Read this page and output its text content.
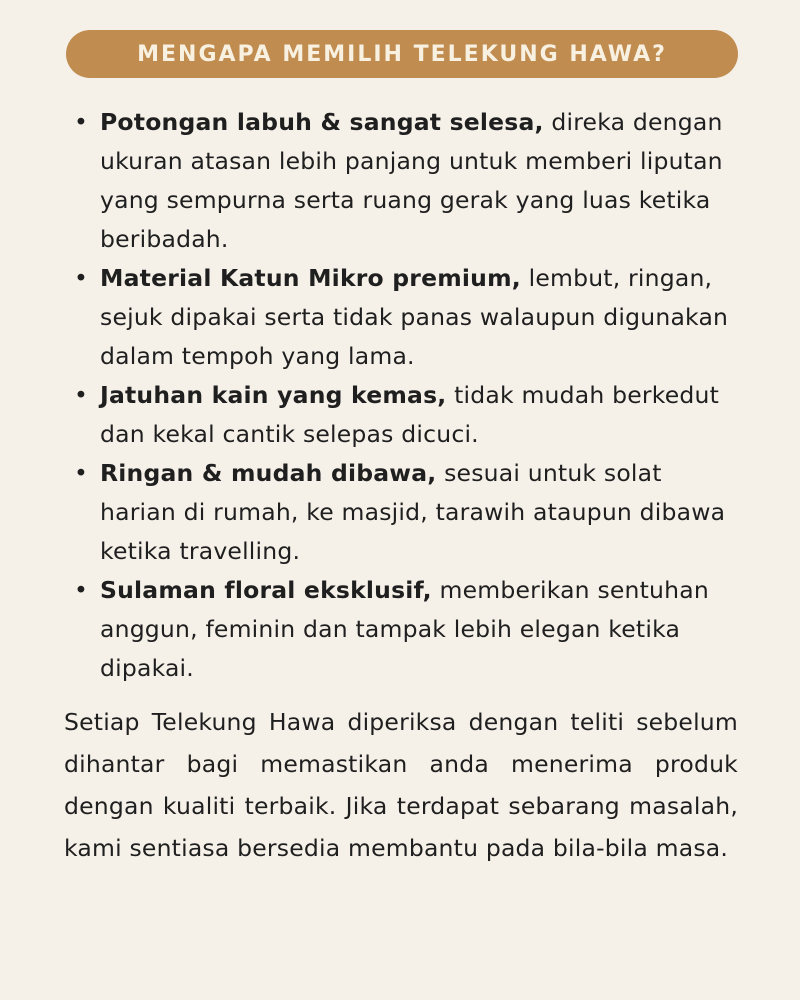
MENGAPA MEMILIH TELEKUNG HAWA?
• Potongan labuh & sangat selesa, direka dengan ukuran atasan lebih panjang untuk memberi liputan yang sempurna serta ruang gerak yang luas ketika beribadah.
• Material Katun Mikro premium, lembut, ringan, sejuk dipakai serta tidak panas walaupun digunakan dalam tempoh yang lama.
• Jatuhan kain yang kemas, tidak mudah berkedut dan kekal cantik selepas dicuci.
• Ringan & mudah dibawa, sesuai untuk solat harian di rumah, ke masjid, tarawih ataupun dibawa ketika travelling.
• Sulaman floral eksklusif, memberikan sentuhan anggun, feminin dan tampak lebih elegan ketika dipakai.

Setiap Telekung Hawa diperiksa dengan teliti sebelum dihantar bagi memastikan anda menerima produk dengan kualiti terbaik. Jika terdapat sebarang masalah, kami sentiasa bersedia membantu pada bila-bila masa.
